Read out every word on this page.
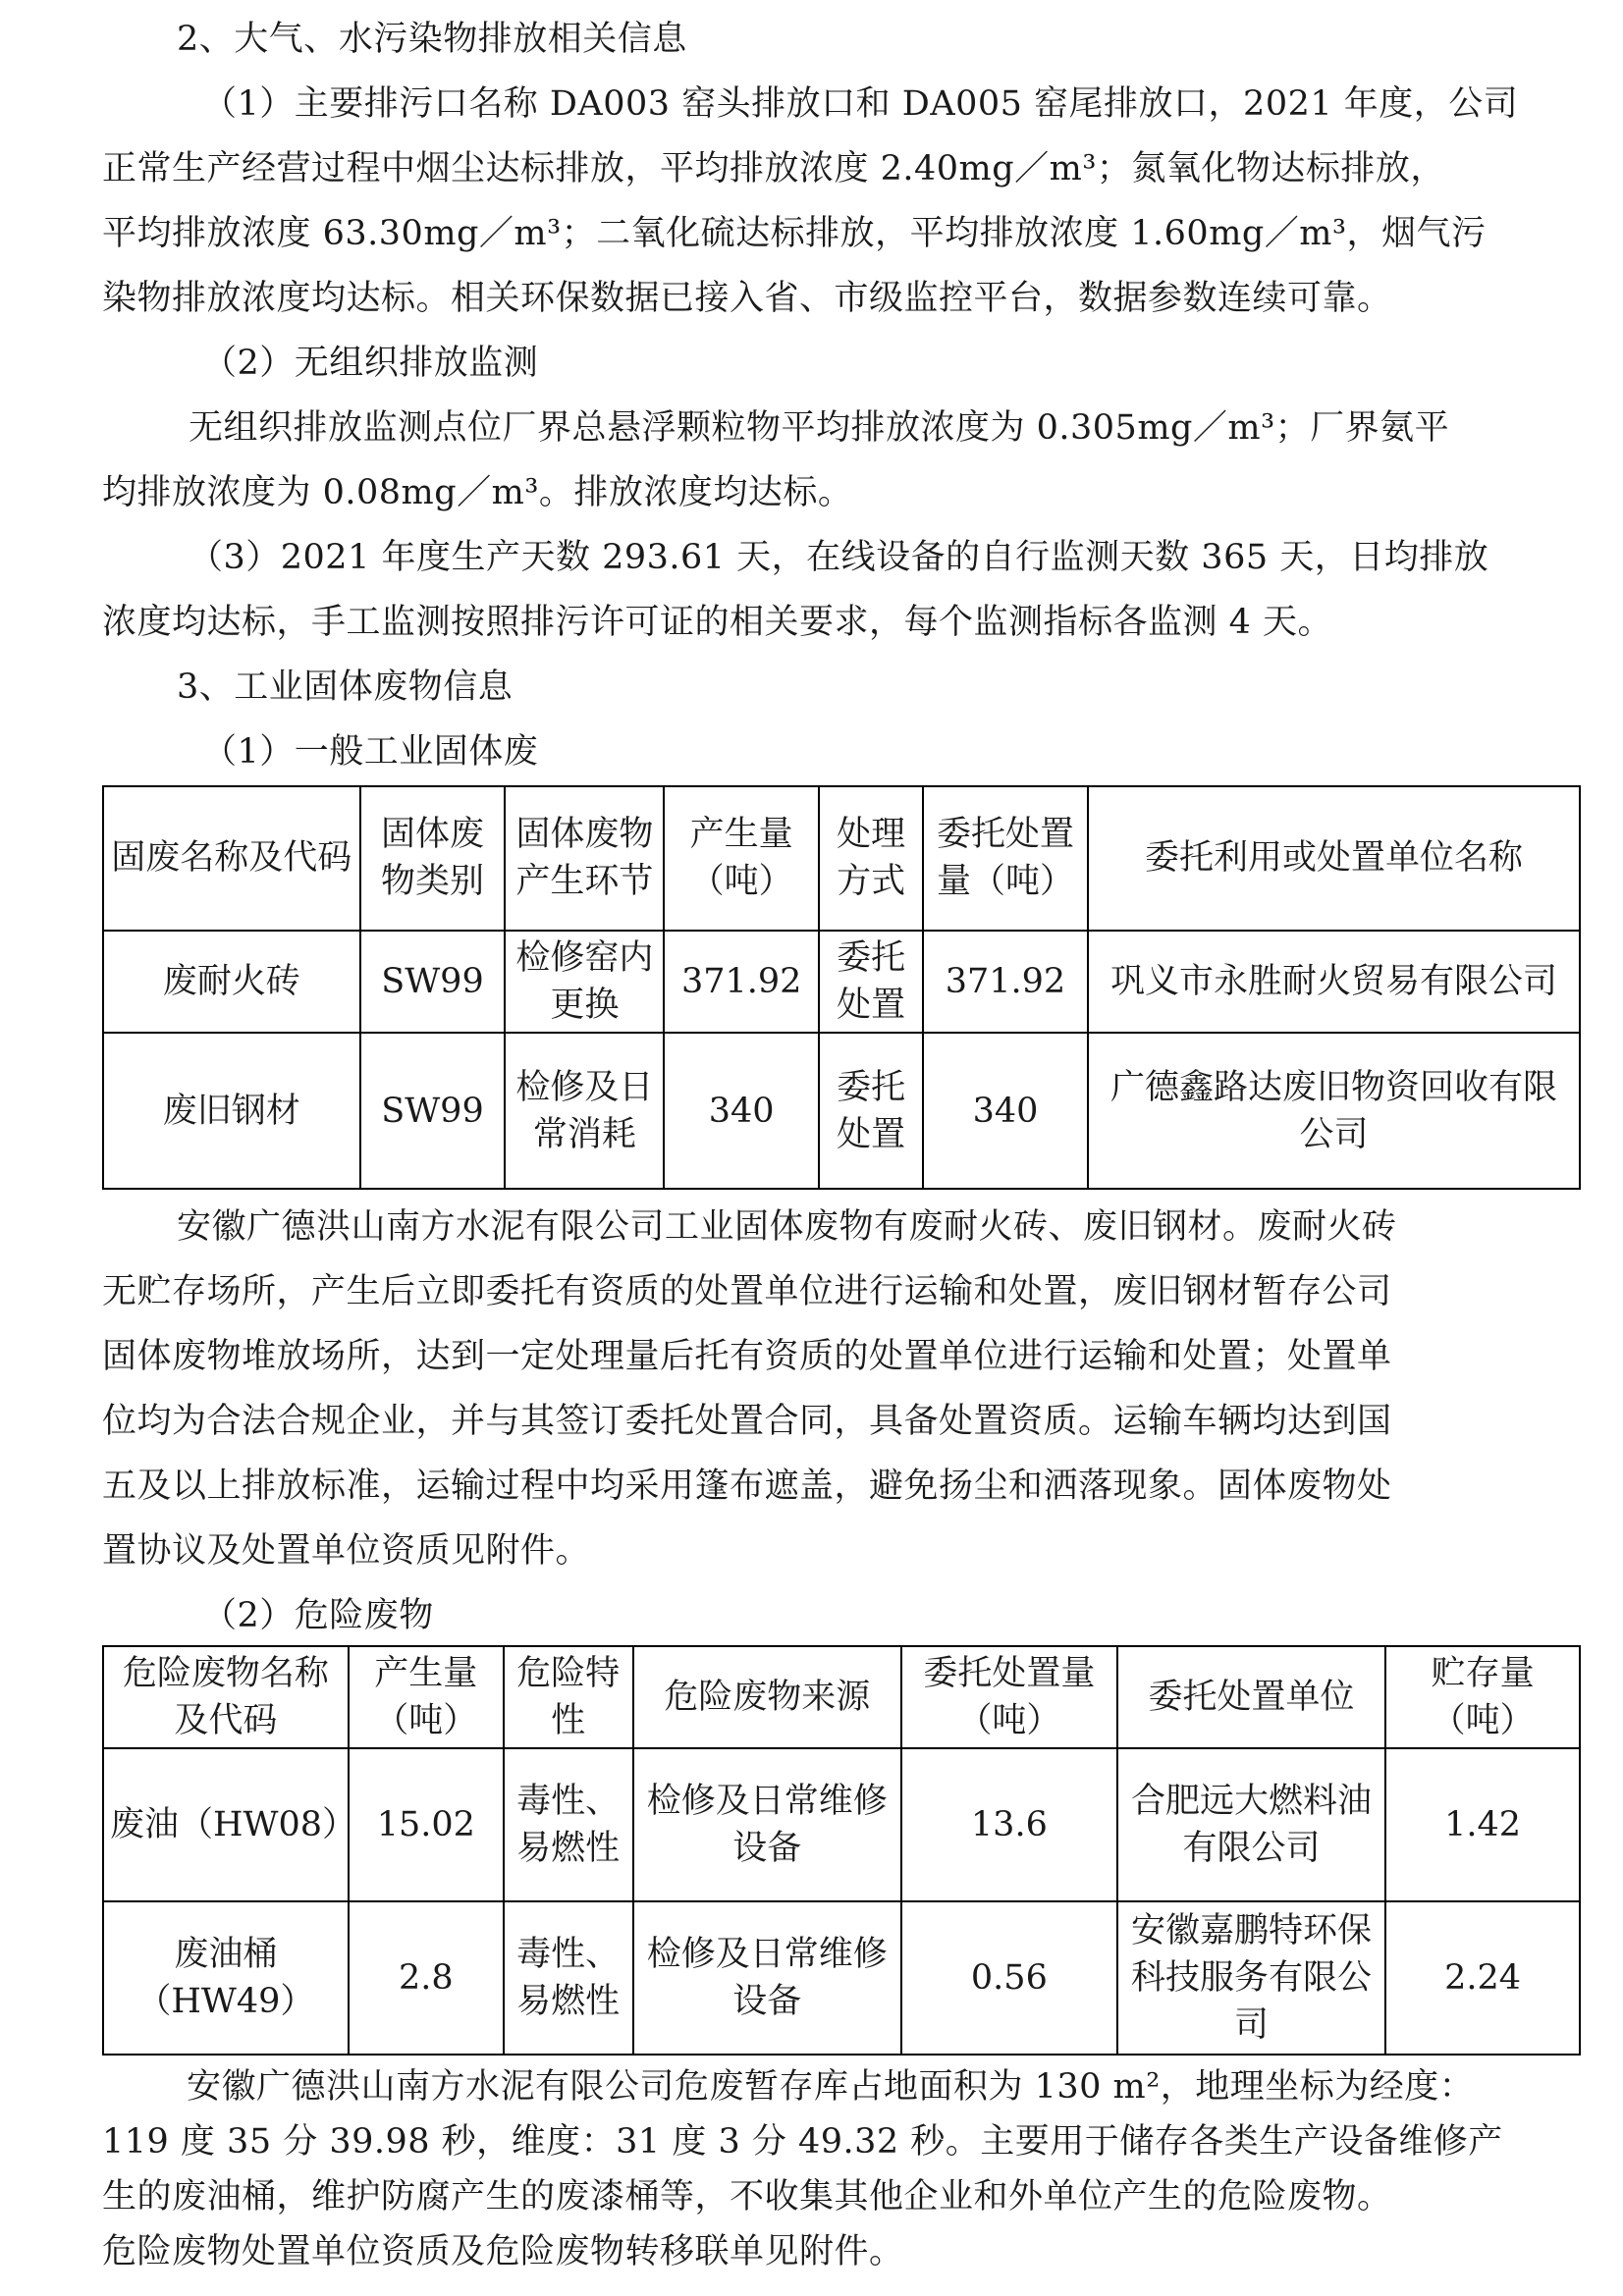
2、大气、水污染物排放相关信息
（1）主要排污口名称 DA003 窑头排放口和 DA005 窑尾排放口，2021 年度，公司
正常生产经营过程中烟尘达标排放，平均排放浓度 2.40mg／m³；氮氧化物达标排放，
平均排放浓度 63.30mg／m³；二氧化硫达标排放，平均排放浓度 1.60mg／m³，烟气污
染物排放浓度均达标。相关环保数据已接入省、市级监控平台，数据参数连续可靠。
（2）无组织排放监测
无组织排放监测点位厂界总悬浮颗粒物平均排放浓度为 0.305mg／m³；厂界氨平
均排放浓度为 0.08mg／m³。排放浓度均达标。
（3）2021 年度生产天数 293.61 天，在线设备的自行监测天数 365 天，日均排放
浓度均达标，手工监测按照排污许可证的相关要求，每个监测指标各监测 4 天。
3、工业固体废物信息
（1）一般工业固体废
固废名称及代码	固体废物类别	固体废物产生环节	产生量（吨）	处理方式	委托处置量（吨）	委托利用或处置单位名称
废耐火砖	SW99	检修窑内更换	371.92	委托处置	371.92	巩义市永胜耐火贸易有限公司
废旧钢材	SW99	检修及日常消耗	340	委托处置	340	广德鑫路达废旧物资回收有限公司
安徽广德洪山南方水泥有限公司工业固体废物有废耐火砖、废旧钢材。废耐火砖
无贮存场所，产生后立即委托有资质的处置单位进行运输和处置，废旧钢材暂存公司
固体废物堆放场所，达到一定处理量后托有资质的处置单位进行运输和处置；处置单
位均为合法合规企业，并与其签订委托处置合同，具备处置资质。运输车辆均达到国
五及以上排放标准，运输过程中均采用篷布遮盖，避免扬尘和洒落现象。固体废物处
置协议及处置单位资质见附件。
（2）危险废物
危险废物名称及代码	产生量（吨）	危险特性	危险废物来源	委托处置量（吨）	委托处置单位	贮存量（吨）
废油（HW08）	15.02	毒性、易燃性	检修及日常维修设备	13.6	合肥远大燃料油有限公司	1.42
废油桶（HW49）	2.8	毒性、易燃性	检修及日常维修设备	0.56	安徽嘉鹏特环保科技服务有限公司	2.24
安徽广德洪山南方水泥有限公司危废暂存库占地面积为 130 m²，地理坐标为经度：
119 度 35 分 39.98 秒，维度：31 度 3 分 49.32 秒。主要用于储存各类生产设备维修产
生的废油桶，维护防腐产生的废漆桶等，不收集其他企业和外单位产生的危险废物。
危险废物处置单位资质及危险废物转移联单见附件。
